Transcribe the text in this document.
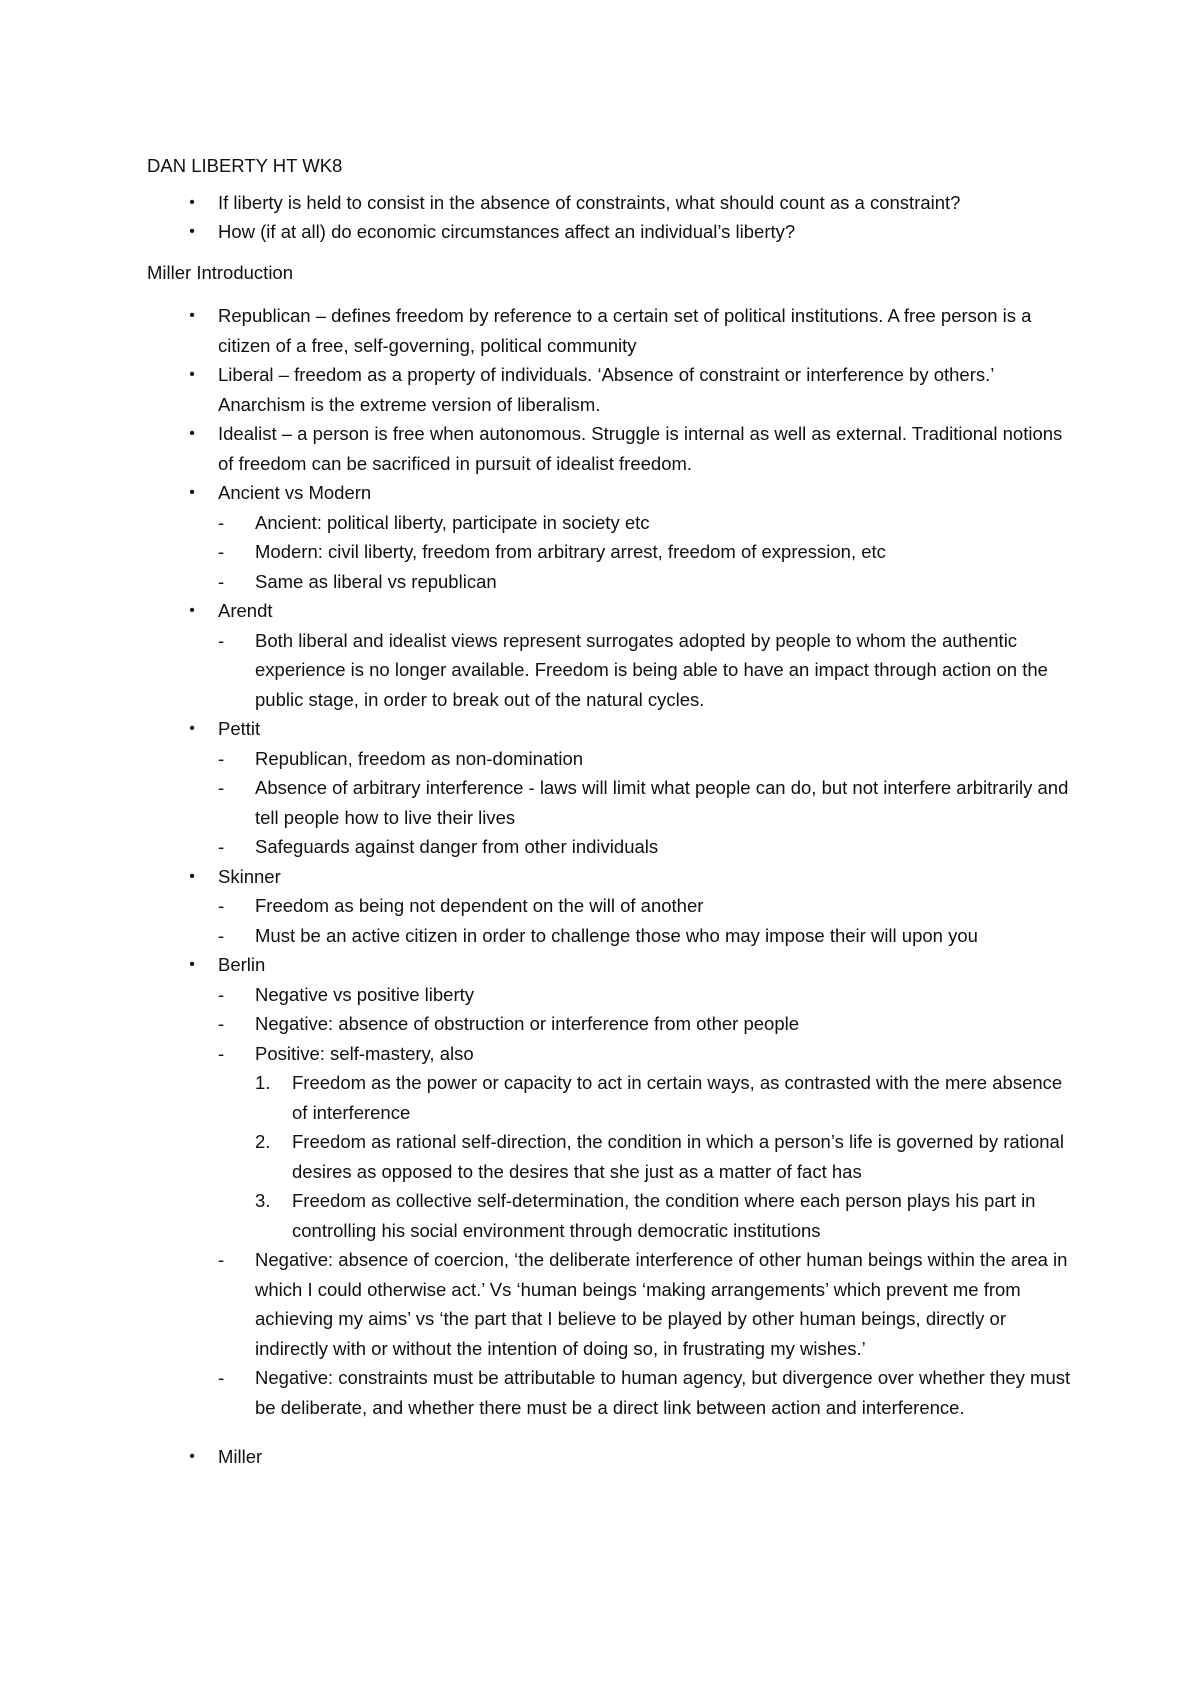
DAN LIBERTY HT WK8
• If liberty is held to consist in the absence of constraints, what should count as a constraint?
• How (if at all) do economic circumstances affect an individual’s liberty?
Miller Introduction
• Republican – defines freedom by reference to a certain set of political institutions. A free person is a citizen of a free, self-governing, political community
• Liberal – freedom as a property of individuals. ‘Absence of constraint or interference by others.’ Anarchism is the extreme version of liberalism.
• Idealist – a person is free when autonomous. Struggle is internal as well as external. Traditional notions of freedom can be sacrificed in pursuit of idealist freedom.
• Ancient vs Modern
- Ancient: political liberty, participate in society etc
- Modern: civil liberty, freedom from arbitrary arrest, freedom of expression, etc
- Same as liberal vs republican
• Arendt
- Both liberal and idealist views represent surrogates adopted by people to whom the authentic experience is no longer available. Freedom is being able to have an impact through action on the public stage, in order to break out of the natural cycles.
• Pettit
- Republican, freedom as non-domination
- Absence of arbitrary interference - laws will limit what people can do, but not interfere arbitrarily and tell people how to live their lives
- Safeguards against danger from other individuals
• Skinner
- Freedom as being not dependent on the will of another
- Must be an active citizen in order to challenge those who may impose their will upon you
• Berlin
- Negative vs positive liberty
- Negative: absence of obstruction or interference from other people
- Positive: self-mastery, also
1. Freedom as the power or capacity to act in certain ways, as contrasted with the mere absence of interference
2. Freedom as rational self-direction, the condition in which a person’s life is governed by rational desires as opposed to the desires that she just as a matter of fact has
3. Freedom as collective self-determination, the condition where each person plays his part in controlling his social environment through democratic institutions
- Negative: absence of coercion, ‘the deliberate interference of other human beings within the area in which I could otherwise act.’ Vs ‘human beings ‘making arrangements’ which prevent me from achieving my aims’ vs ‘the part that I believe to be played by other human beings, directly or indirectly with or without the intention of doing so, in frustrating my wishes.’
- Negative: constraints must be attributable to human agency, but divergence over whether they must be deliberate, and whether there must be a direct link between action and interference.
• Miller
